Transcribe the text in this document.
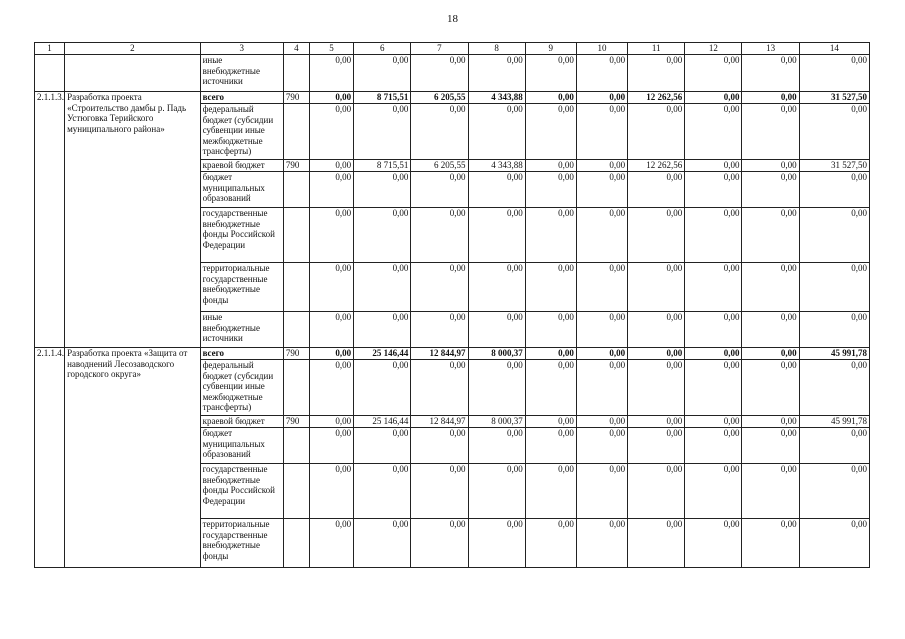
18
1	2	3	4	5	6	7	8	9	10	11	12	13	14
		иные внебюджетные источники		0,00	0,00	0,00	0,00	0,00	0,00	0,00	0,00	0,00	0,00
2.1.1.3.	Разработка проекта «Строительство дамбы р. Падь Устюговка Терийского муниципального района»	всего	790	0,00	8 715,51	6 205,55	4 343,88	0,00	0,00	12 262,56	0,00	0,00	31 527,50
		федеральный бюджет (субсидии субвенции иные межбюджетные трансферты)		0,00	0,00	0,00	0,00	0,00	0,00	0,00	0,00	0,00	0,00
		краевой бюджет	790	0,00	8 715,51	6 205,55	4 343,88	0,00	0,00	12 262,56	0,00	0,00	31 527,50
		бюджет муниципальных образований		0,00	0,00	0,00	0,00	0,00	0,00	0,00	0,00	0,00	0,00
		государственные внебюджетные фонды Российской Федерации		0,00	0,00	0,00	0,00	0,00	0,00	0,00	0,00	0,00	0,00
		территориальные государственные внебюджетные фонды		0,00	0,00	0,00	0,00	0,00	0,00	0,00	0,00	0,00	0,00
		иные внебюджетные источники		0,00	0,00	0,00	0,00	0,00	0,00	0,00	0,00	0,00	0,00
2.1.1.4.	Разработка проекта «Защита от наводнений Лесозаводского городского округа»	всего	790	0,00	25 146,44	12 844,97	8 000,37	0,00	0,00	0,00	0,00	0,00	45 991,78
		федеральный бюджет (субсидии субвенции иные межбюджетные трансферты)		0,00	0,00	0,00	0,00	0,00	0,00	0,00	0,00	0,00	0,00
		краевой бюджет	790	0,00	25 146,44	12 844,97	8 000,37	0,00	0,00	0,00	0,00	0,00	45 991,78
		бюджет муниципальных образований		0,00	0,00	0,00	0,00	0,00	0,00	0,00	0,00	0,00	0,00
		государственные внебюджетные фонды Российской Федерации		0,00	0,00	0,00	0,00	0,00	0,00	0,00	0,00	0,00	0,00
		территориальные государственные внебюджетные фонды		0,00	0,00	0,00	0,00	0,00	0,00	0,00	0,00	0,00	0,00
